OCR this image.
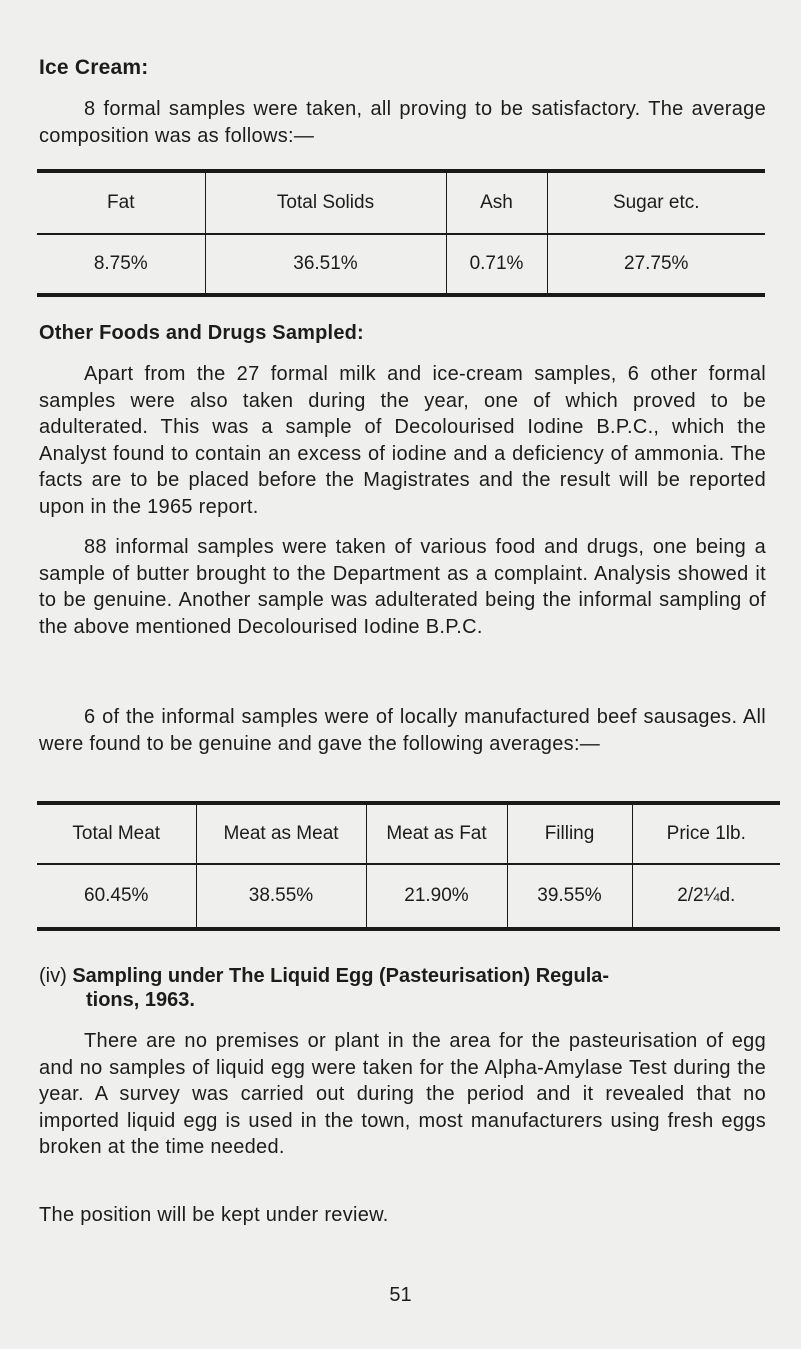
Ice Cream:
8 formal samples were taken, all proving to be satisfactory. The average composition was as follows:—
Fat	Total Solids	Ash	Sugar etc.
8.75%	36.51%	0.71%	27.75%
Other Foods and Drugs Sampled:
Apart from the 27 formal milk and ice-cream samples, 6 other formal samples were also taken during the year, one of which proved to be adulterated. This was a sample of Decolourised Iodine B.P.C., which the Analyst found to contain an excess of iodine and a deficiency of ammonia. The facts are to be placed before the Magistrates and the result will be reported upon in the 1965 report.
88 informal samples were taken of various food and drugs, one being a sample of butter brought to the Department as a complaint. Analysis showed it to be genuine. Another sample was adulterated being the informal sampling of the above mentioned Decolourised Iodine B.P.C.
6 of the informal samples were of locally manufactured beef sausages. All were found to be genuine and gave the following averages:—
Total Meat	Meat as Meat	Meat as Fat	Filling	Price 1lb.
60.45%	38.55%	21.90%	39.55%	2/2¼d.
(iv) Sampling under The Liquid Egg (Pasteurisation) Regula-
tions, 1963.
There are no premises or plant in the area for the pasteurisation of egg and no samples of liquid egg were taken for the Alpha-Amylase Test during the year. A survey was carried out during the period and it revealed that no imported liquid egg is used in the town, most manufacturers using fresh eggs broken at the time needed.
The position will be kept under review.
51
